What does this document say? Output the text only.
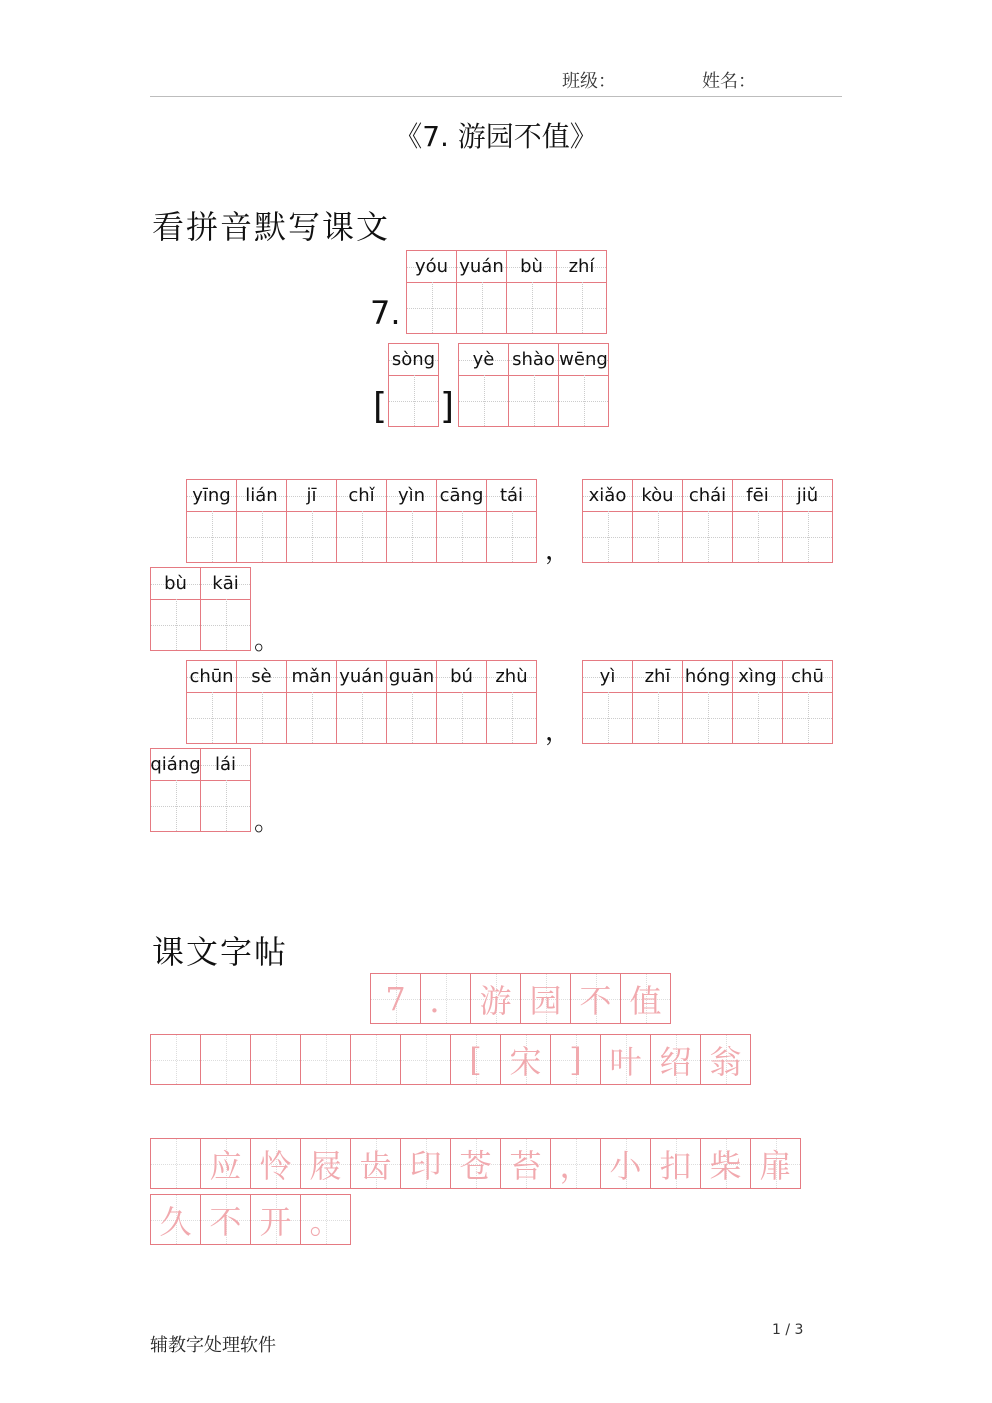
班级：	姓名：
《7. 游园不值》
看拼音默写课文
7.
yóu yuán bù zhí
[
sòng
]
yè shào wēng
yīng lián jī chǐ yìn cāng tái
，
xiǎo kòu chái fēi jiǔ
bù kāi
。
chūn sè mǎn yuán guān bú zhù
，
yì zhī hóng xìng chū
qiáng lái
。
课文字帖
7 ． 游 园 不 值
[ 宋 ] 叶 绍 翁
应 怜 屐 齿 印 苍 苔 ， 小 扣 柴 扉
久 不 开 。
辅教字处理软件
1 / 3
